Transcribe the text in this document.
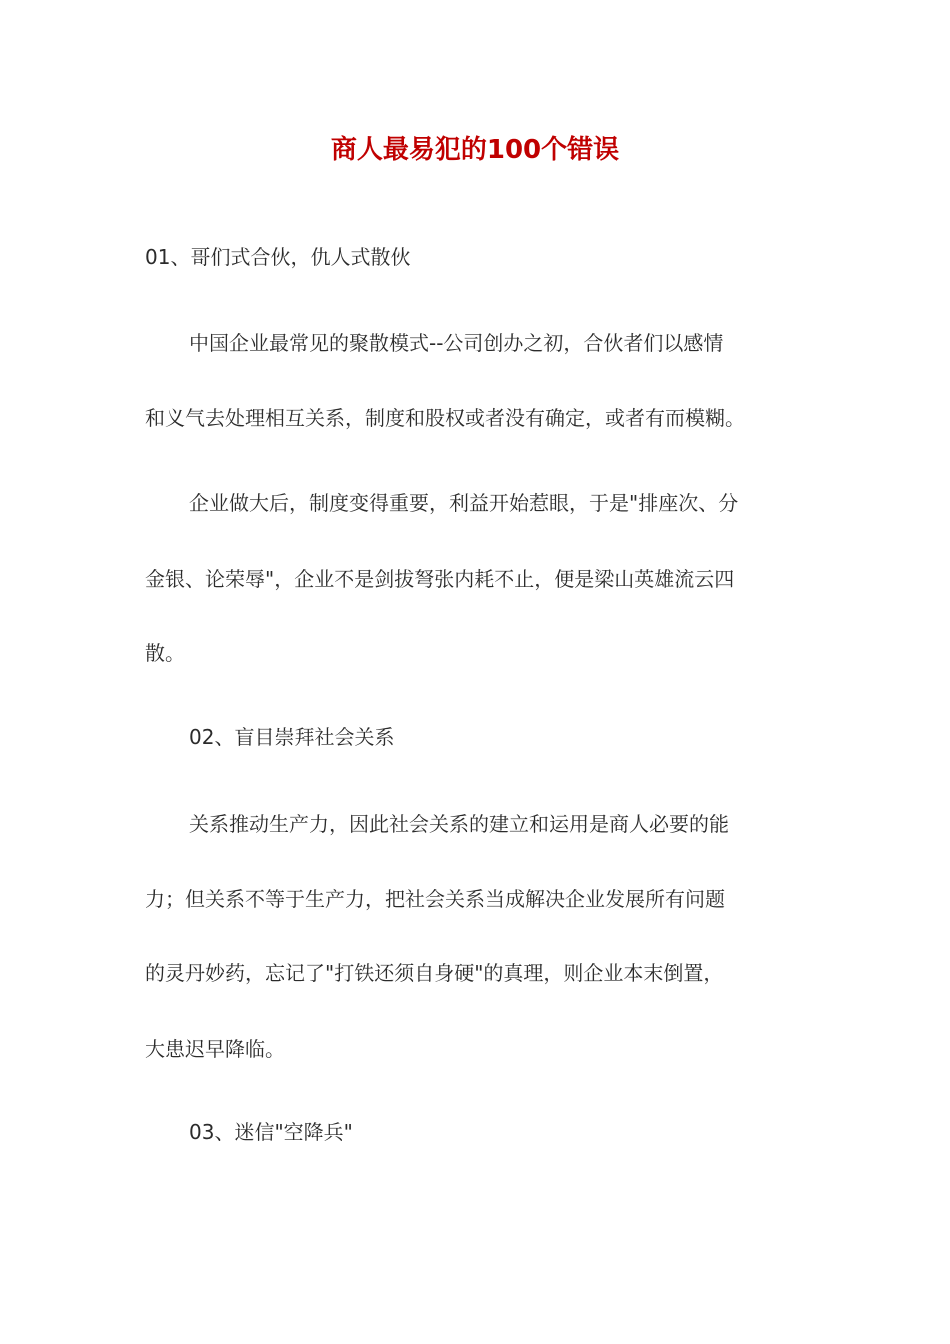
商人最易犯的100个错误

01、哥们式合伙，仇人式散伙

中国企业最常见的聚散模式--公司创办之初，合伙者们以感情

和义气去处理相互关系，制度和股权或者没有确定，或者有而模糊。

企业做大后，制度变得重要，利益开始惹眼，于是"排座次、分

金银、论荣辱"，企业不是剑拔弩张内耗不止，便是梁山英雄流云四

散。

02、盲目崇拜社会关系

关系推动生产力，因此社会关系的建立和运用是商人必要的能

力；但关系不等于生产力，把社会关系当成解决企业发展所有问题

的灵丹妙药，忘记了"打铁还须自身硬"的真理，则企业本末倒置，

大患迟早降临。

03、迷信"空降兵"
